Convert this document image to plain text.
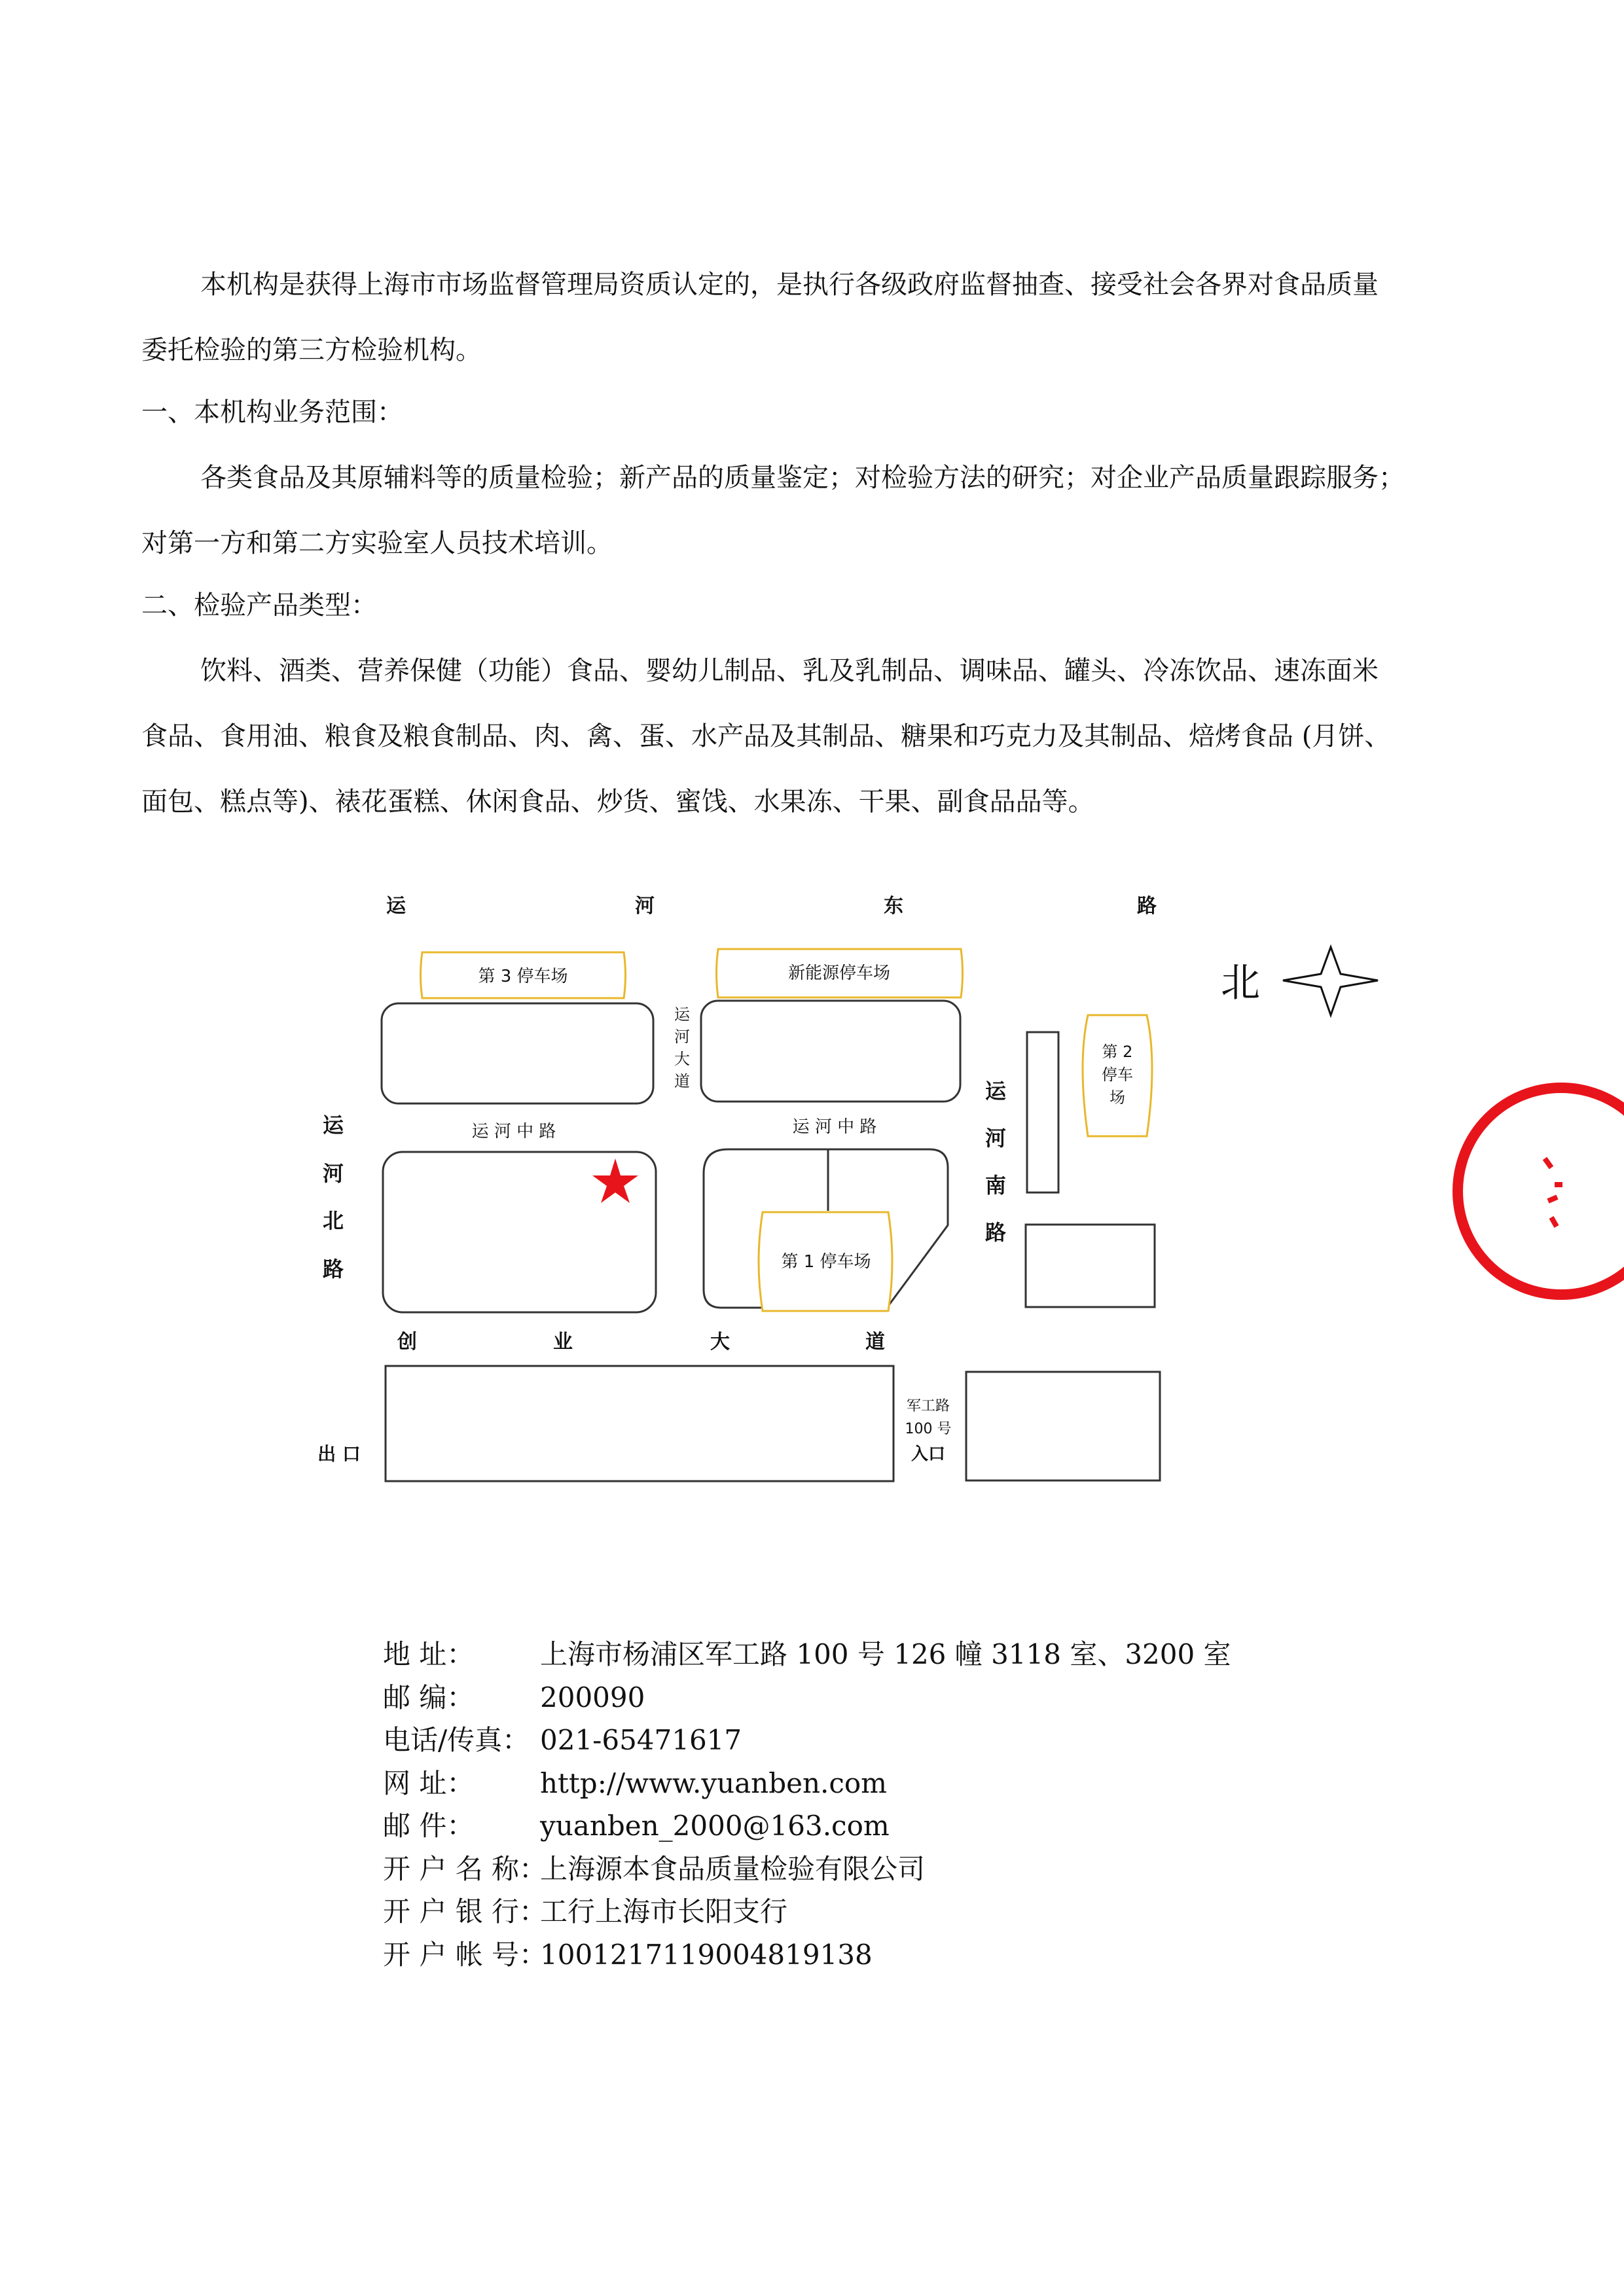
本机构是获得上海市市场监督管理局资质认定的，是执行各级政府监督抽查、接受社会各界对食品质量
委托检验的第三方检验机构。
一、本机构业务范围：
各类食品及其原辅料等的质量检验；新产品的质量鉴定；对检验方法的研究；对企业产品质量跟踪服务；
对第一方和第二方实验室人员技术培训。
二、检验产品类型：
饮料、酒类、营养保健（功能）食品、婴幼儿制品、乳及乳制品、调味品、罐头、冷冻饮品、速冻面米
食品、食用油、粮食及粮食制品、肉、禽、蛋、水产品及其制品、糖果和巧克力及其制品、焙烤食品 (月饼、
面包、糕点等)、裱花蛋糕、休闲食品、炒货、蜜饯、水果冻、干果、副食品品等。
运	河	东	路
第 3 停车场	新能源停车场
运
河
大
道
运 河 中 路	运 河 中 路
运
河
北
路
运
河
南
路
第 1 停车场
第 2
停车
场
创	业	大	道
出 口
军工路
100 号
入口
北
地 址： 上海市杨浦区军工路 100 号 126 幢 3118 室、3200 室
邮 编： 200090
电话/传真： 021-65471617
网 址： http://www.yuanben.com
邮 件： yuanben_2000@163.com
开 户 名 称：上海源本食品质量检验有限公司
开 户 银 行：工行上海市长阳支行
开 户 帐 号：1001217119004819138
